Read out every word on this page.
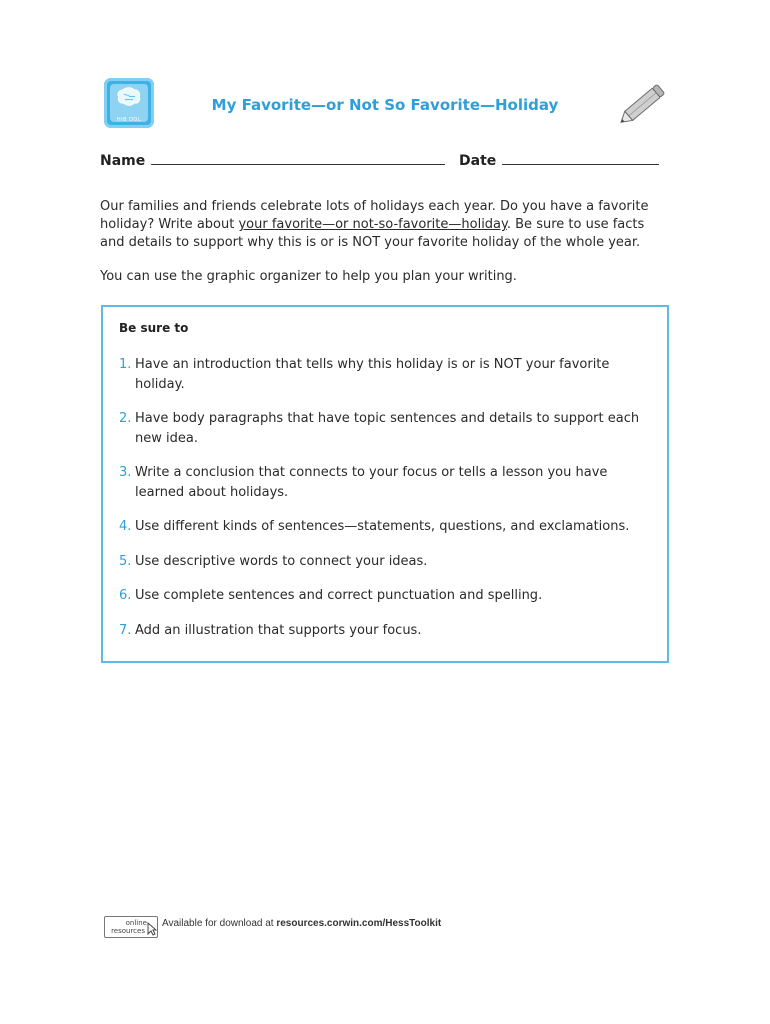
HIB DOL
My Favorite—or Not So Favorite—Holiday
Name	Date
Our families and friends celebrate lots of holidays each year. Do you have a favorite holiday? Write about your favorite—or not-so-favorite—holiday. Be sure to use facts and details to support why this is or is NOT your favorite holiday of the whole year.
You can use the graphic organizer to help you plan your writing.
Be sure to
1. Have an introduction that tells why this holiday is or is NOT your favorite holiday.
2. Have body paragraphs that have topic sentences and details to support each new idea.
3. Write a conclusion that connects to your focus or tells a lesson you have learned about holidays.
4. Use different kinds of sentences—statements, questions, and exclamations.
5. Use descriptive words to connect your ideas.
6. Use complete sentences and correct punctuation and spelling.
7. Add an illustration that supports your focus.
online
resources
Available for download at resources.corwin.com/HessToolkit
